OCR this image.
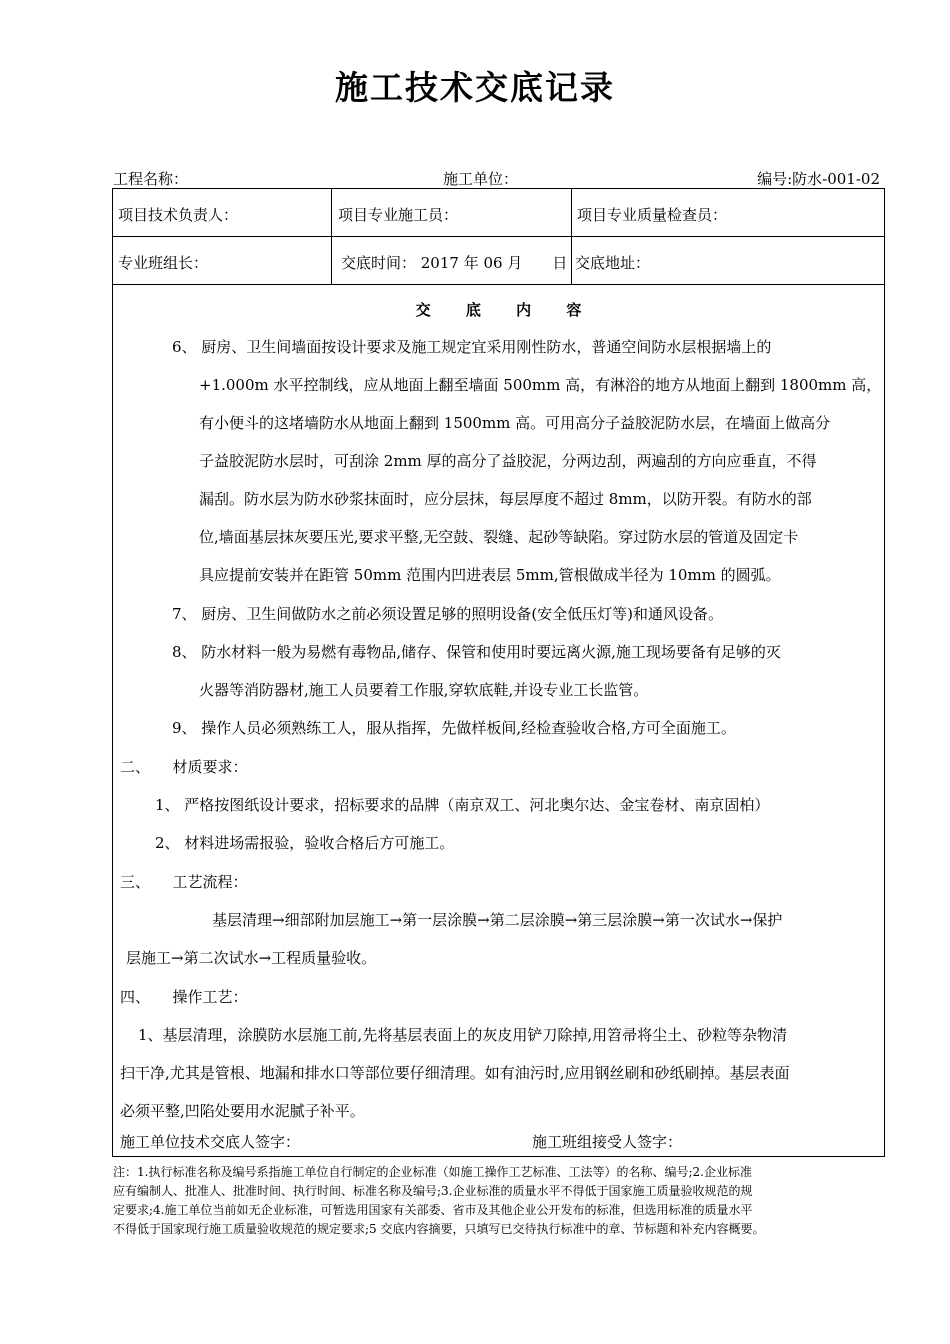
施工技术交底记录
工程名称：	施工单位：	编号:防水-001-02
项目技术负责人：	项目专业施工员：	项目专业质量检查员：
专业班组长：	交底时间： 2017 年 06 月　　日 交底地址：
交 底 内 容
6、 厨房、卫生间墙面按设计要求及施工规定宜采用刚性防水，普通空间防水层根据墙上的
+1.000m 水平控制线，应从地面上翻至墙面 500mm 高，有淋浴的地方从地面上翻到 1800mm 高，
有小便斗的这堵墙防水从地面上翻到 1500mm 高。可用高分子益胶泥防水层，在墙面上做高分
子益胶泥防水层时，可刮涂 2mm 厚的高分了益胶泥，分两边刮，两遍刮的方向应垂直，不得
漏刮。防水层为防水砂浆抹面时，应分层抹，每层厚度不超过 8mm，以防开裂。有防水的部
位,墙面基层抹灰要压光,要求平整,无空鼓、裂缝、起砂等缺陷。穿过防水层的管道及固定卡
具应提前安装并在距管 50mm 范围内凹进表层 5mm,管根做成半径为 10mm 的圆弧。
7、 厨房、卫生间做防水之前必须设置足够的照明设备(安全低压灯等)和通风设备。
8、 防水材料一般为易燃有毒物品,储存、保管和使用时要远离火源,施工现场要备有足够的灭
火器等消防器材,施工人员要着工作服,穿软底鞋,并设专业工长监管。
9、 操作人员必须熟练工人，服从指挥，先做样板间,经检查验收合格,方可全面施工。
二、　　材质要求：
1、 严格按图纸设计要求，招标要求的品牌（南京双工、河北奥尔达、金宝卷材、南京固柏）
2、 材料进场需报验，验收合格后方可施工。
三、　　工艺流程：
基层清理→细部附加层施工→第一层涂膜→第二层涂膜→第三层涂膜→第一次试水→保护
层施工→第二次试水→工程质量验收。
四、　　操作工艺：
1、基层清理，涂膜防水层施工前,先将基层表面上的灰皮用铲刀除掉,用笤帚将尘土、砂粒等杂物清
扫干净,尤其是管根、地漏和排水口等部位要仔细清理。如有油污时,应用钢丝刷和砂纸刷掉。基层表面
必须平整,凹陷处要用水泥腻子补平。
施工单位技术交底人签字：	施工班组接受人签字：
注：1.执行标准名称及编号系指施工单位自行制定的企业标准（如施工操作工艺标准、工法等）的名称、编号;2.企业标准
应有编制人、批准人、批准时间、执行时间、标准名称及编号;3.企业标准的质量水平不得低于国家施工质量验收规范的规
定要求;4.施工单位当前如无企业标准，可暂选用国家有关部委、省市及其他企业公开发布的标准，但选用标准的质量水平
不得低于国家现行施工质量验收规范的规定要求;5 交底内容摘要，只填写已交待执行标准中的章、节标题和补充内容概要。
